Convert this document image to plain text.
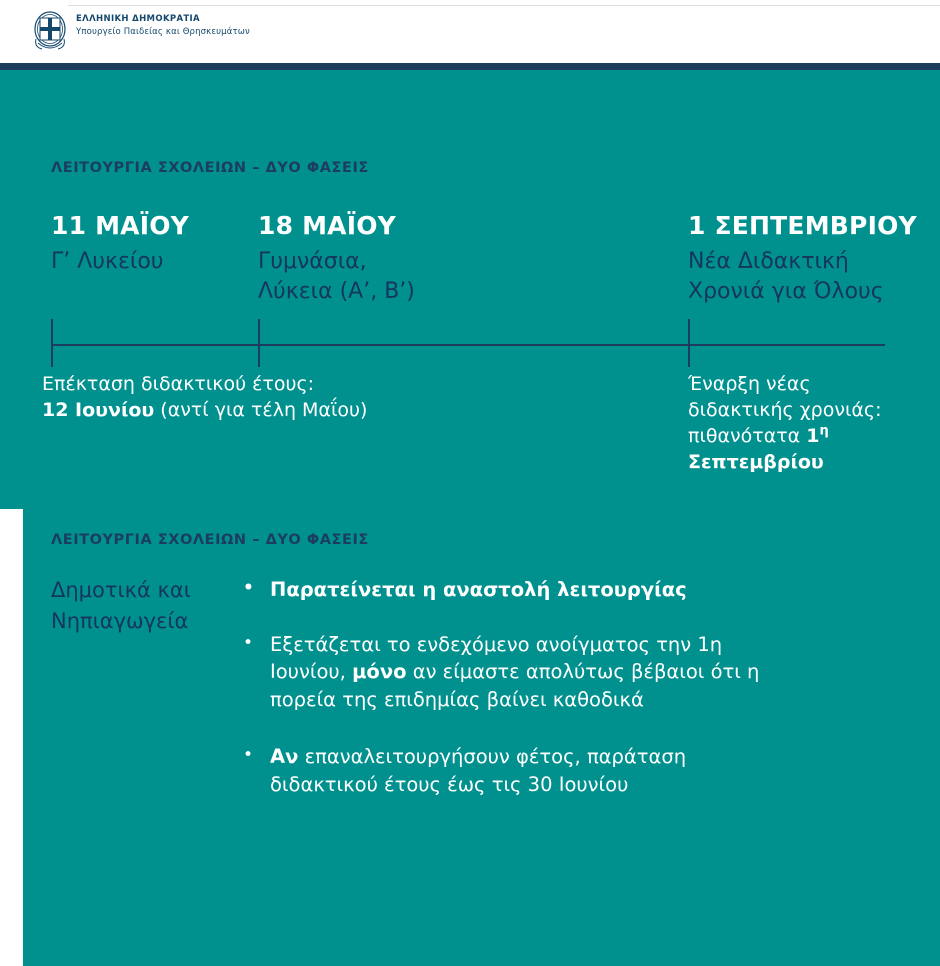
ΕΛΛΗΝΙΚΗ ΔΗΜΟΚΡΑΤΙΑ
Υπουργείο Παιδείας και Θρησκευμάτων
ΛΕΙΤΟΥΡΓΙΑ ΣΧΟΛΕΙΩΝ – ΔΥΟ ΦΑΣΕΙΣ
11 ΜΑΪΟΥ
Γ’ Λυκείου
18 ΜΑΪΟΥ
Γυμνάσια,
Λύκεια (Α’, Β’)
1 ΣΕΠΤΕΜΒΡΙΟΥ
Νέα Διδακτική
Χρονιά για Όλους
Επέκταση διδακτικού έτους:
12 Ιουνίου (αντί για τέλη Μαΐου)
Έναρξη νέας διδακτικής χρονιάς: πιθανότατα $1^\eta$ Σεπτεμβρίου
ΛΕΙΤΟΥΡΓΙΑ ΣΧΟΛΕΙΩΝ – ΔΥΟ ΦΑΣΕΙΣ
Δημοτικά και Νηπιαγωγεία
• Παρατείνεται η αναστολή λειτουργίας
• Εξετάζεται το ενδεχόμενο ανοίγματος την 1η Ιουνίου, μόνο αν είμαστε απολύτως βέβαιοι ότι η πορεία της επιδημίας βαίνει καθοδικά
• Αν επαναλειτουργήσουν φέτος, παράταση διδακτικού έτους έως τις 30 Ιουνίου
